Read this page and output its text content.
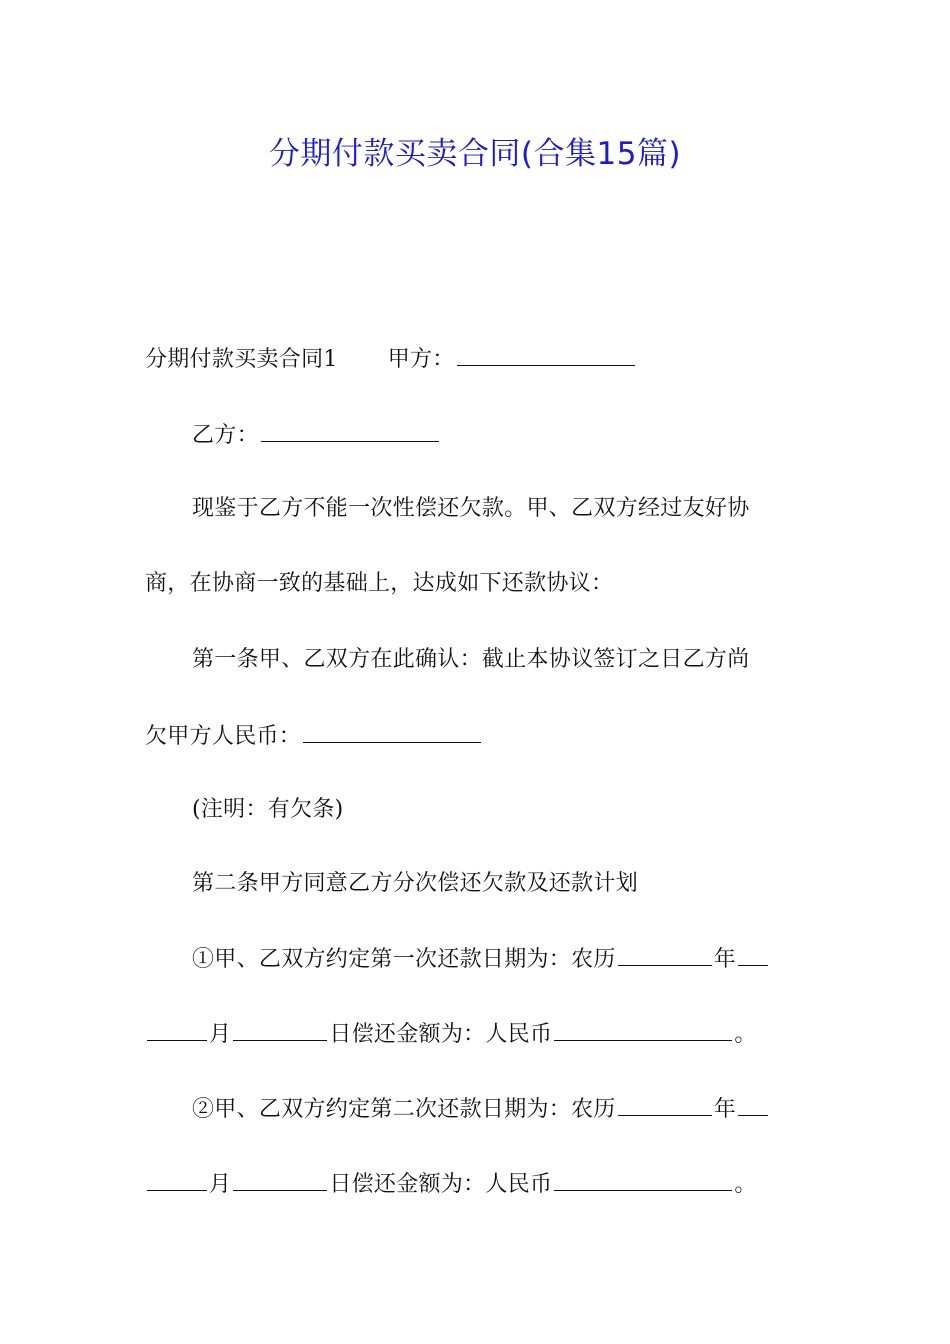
分期付款买卖合同(合集15篇)
分期付款买卖合同1 甲方：
乙方：
现鉴于乙方不能一次性偿还欠款。甲、乙双方经过友好协
商，在协商一致的基础上，达成如下还款协议：
第一条甲、乙双方在此确认：截止本协议签订之日乙方尚
欠甲方人民币：
(注明：有欠条)
第二条甲方同意乙方分次偿还欠款及还款计划
①甲、乙双方约定第一次还款日期为：农历	年
月	日偿还金额为：人民币	。
②甲、乙双方约定第二次还款日期为：农历	年
月	日偿还金额为：人民币	。
